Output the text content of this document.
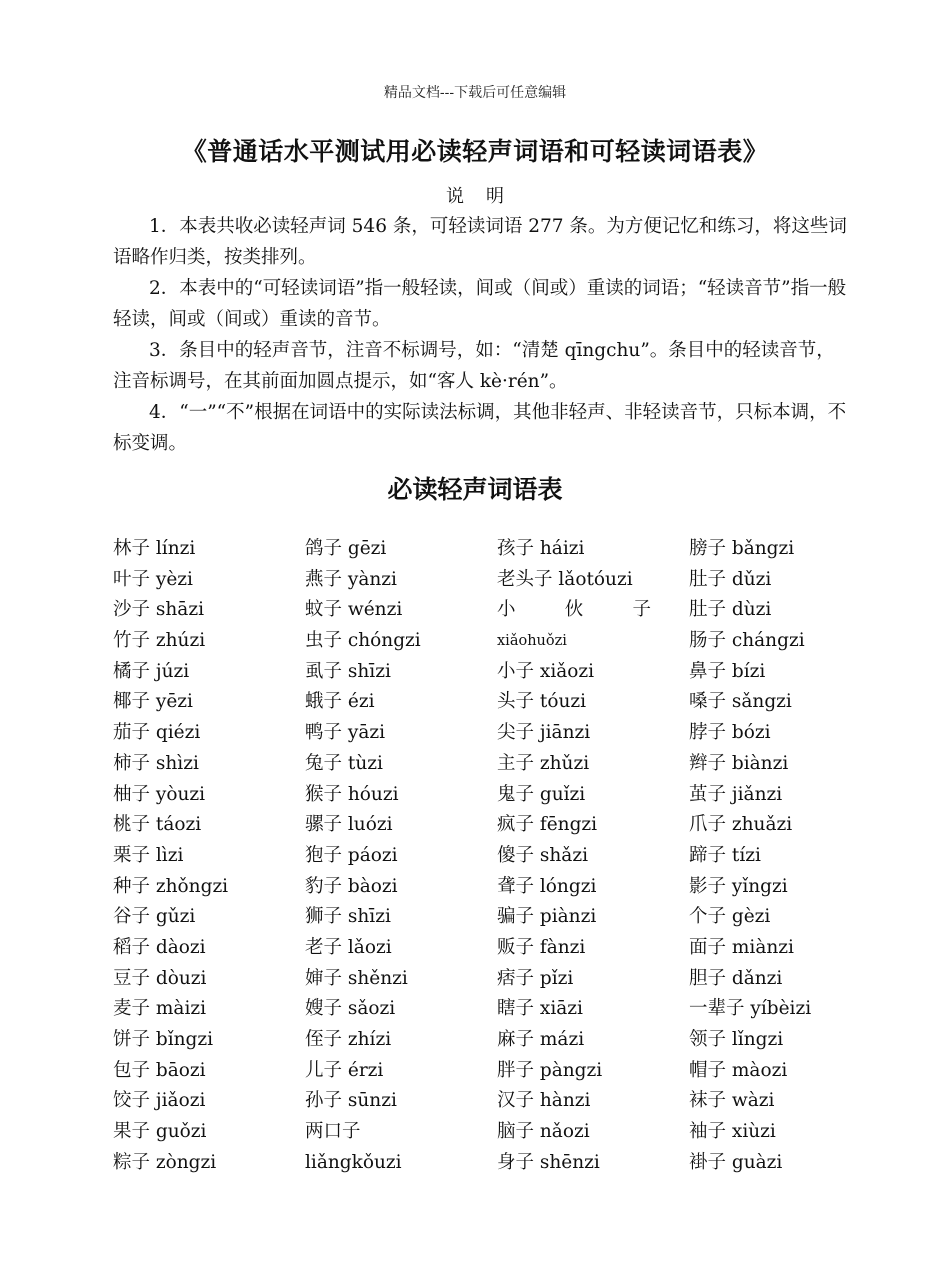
精品文档---下载后可任意编辑
《普通话水平测试用必读轻声词语和可轻读词语表》
说明

1．本表共收必读轻声词 546 条，可轻读词语 277 条。为方便记忆和练习，将这些词语略作归类，按类排列。

2．本表中的“可轻读词语”指一般轻读，间或（间或）重读的词语；“轻读音节”指一般轻读，间或（间或）重读的音节。

3．条目中的轻声音节，注音不标调号，如：“清楚 qīngchu”。条目中的轻读音节，注音标调号，在其前面加圆点提示，如“客人 kè·rén”。

4．“一”“不”根据在词语中的实际读法标调，其他非轻声、非轻读音节，只标本调，不标变调。

必读轻声词语表
林子 línzi
叶子 yèzi
沙子 shāzi
竹子 zhúzi
橘子 júzi
椰子 yēzi
茄子 qiézi
柿子 shìzi
柚子 yòuzi
桃子 táozi
栗子 lìzi
种子 zhǒngzi
谷子 gǔzi
稻子 dàozi
豆子 dòuzi
麦子 màizi
饼子 bǐngzi
包子 bāozi
饺子 jiǎozi
果子 guǒzi
粽子 zòngzi
鸽子 gēzi
燕子 yànzi
蚊子 wénzi
虫子 chóngzi
虱子 shīzi
蛾子 ézi
鸭子 yāzi
兔子 tùzi
猴子 hóuzi
骡子 luózi
狍子 páozi
豹子 bàozi
狮子 shīzi
老子 lǎozi
婶子 shěnzi
嫂子 sǎozi
侄子 zhízi
儿子 érzi
孙子 sūnzi
两口子
liǎngkǒuzi
孩子 háizi
老头子 lǎotóuzi
小	伙	子
xiǎohuǒzi
小子 xiǎozi
头子 tóuzi
尖子 jiānzi
主子 zhǔzi
鬼子 guǐzi
疯子 fēngzi
傻子 shǎzi
聋子 lóngzi
骗子 piànzi
贩子 fànzi
痞子 pǐzi
瞎子 xiāzi
麻子 mázi
胖子 pàngzi
汉子 hànzi
脑子 nǎozi
身子 shēnzi
膀子 bǎngzi
肚子 dǔzi
肚子 dùzi
肠子 chángzi
鼻子 bízi
嗓子 sǎngzi
脖子 bózi
辫子 biànzi
茧子 jiǎnzi
爪子 zhuǎzi
蹄子 tízi
影子 yǐngzi
个子 gèzi
面子 miànzi
胆子 dǎnzi
一辈子 yíbèizi
领子 lǐngzi
帽子 màozi
袜子 wàzi
袖子 xiùzi
褂子 guàzi
